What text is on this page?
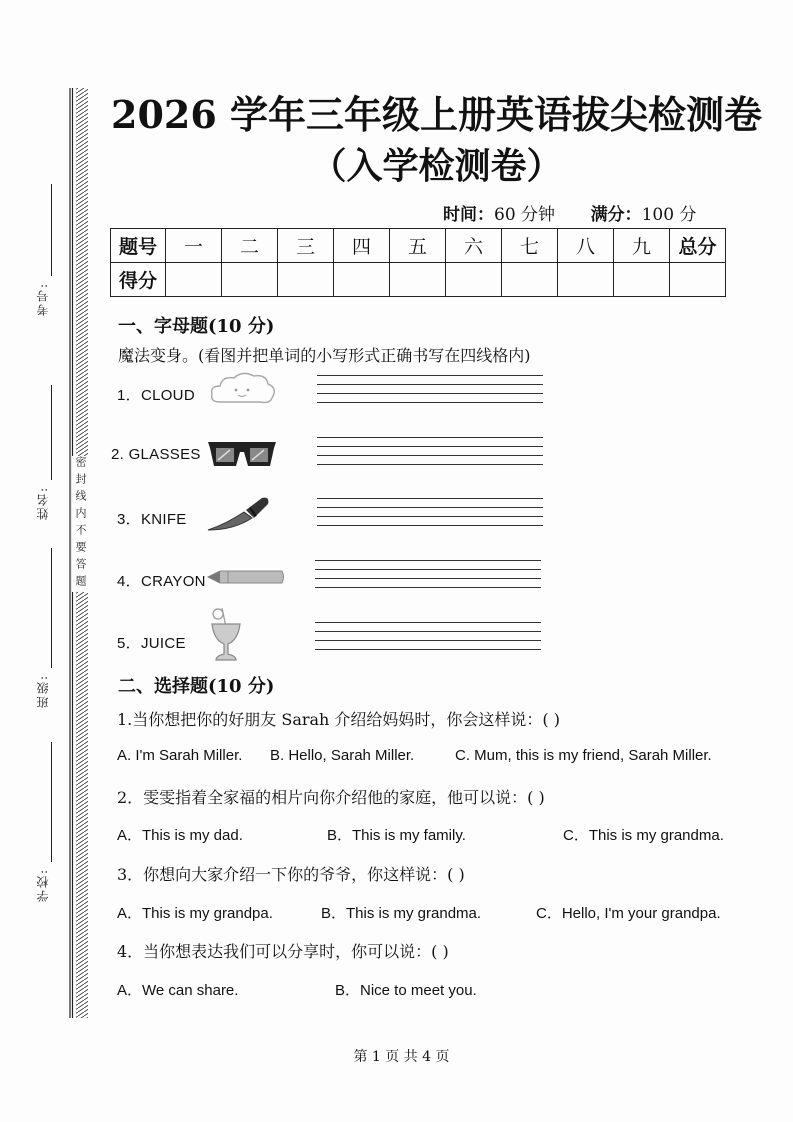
密封线内不要答题
考号:
姓名:
班级:
学校:
2026 学年三年级上册英语拔尖检测卷
（入学检测卷）
时间：60 分钟 满分：100 分
题号	一	二	三	四	五	六	七	八	九	总分
得分										
一、字母题(10 分)
魔法变身。(看图并把单词的小写形式正确书写在四线格内)
1．CLOUD
2. GLASSES
3．KNIFE
4．CRAYON
5．JUICE
二、选择题(10 分)
1.当你想把你的好朋友 Sarah 介绍给妈妈时，你会这样说：( )
A. I'm Sarah Miller. B. Hello, Sarah Miller.	C. Mum, this is my friend, Sarah Miller.
2．雯雯指着全家福的相片向你介绍他的家庭，他可以说：( )
A．This is my dad.	B．This is my family.	C．This is my grandma.
3．你想向大家介绍一下你的爷爷，你这样说：( )
A．This is my grandpa.	B．This is my grandma.	C．Hello, I'm your grandpa.
4．当你想表达我们可以分享时，你可以说：( )
A．We can share.	B．Nice to meet you.
第 1 页 共 4 页
